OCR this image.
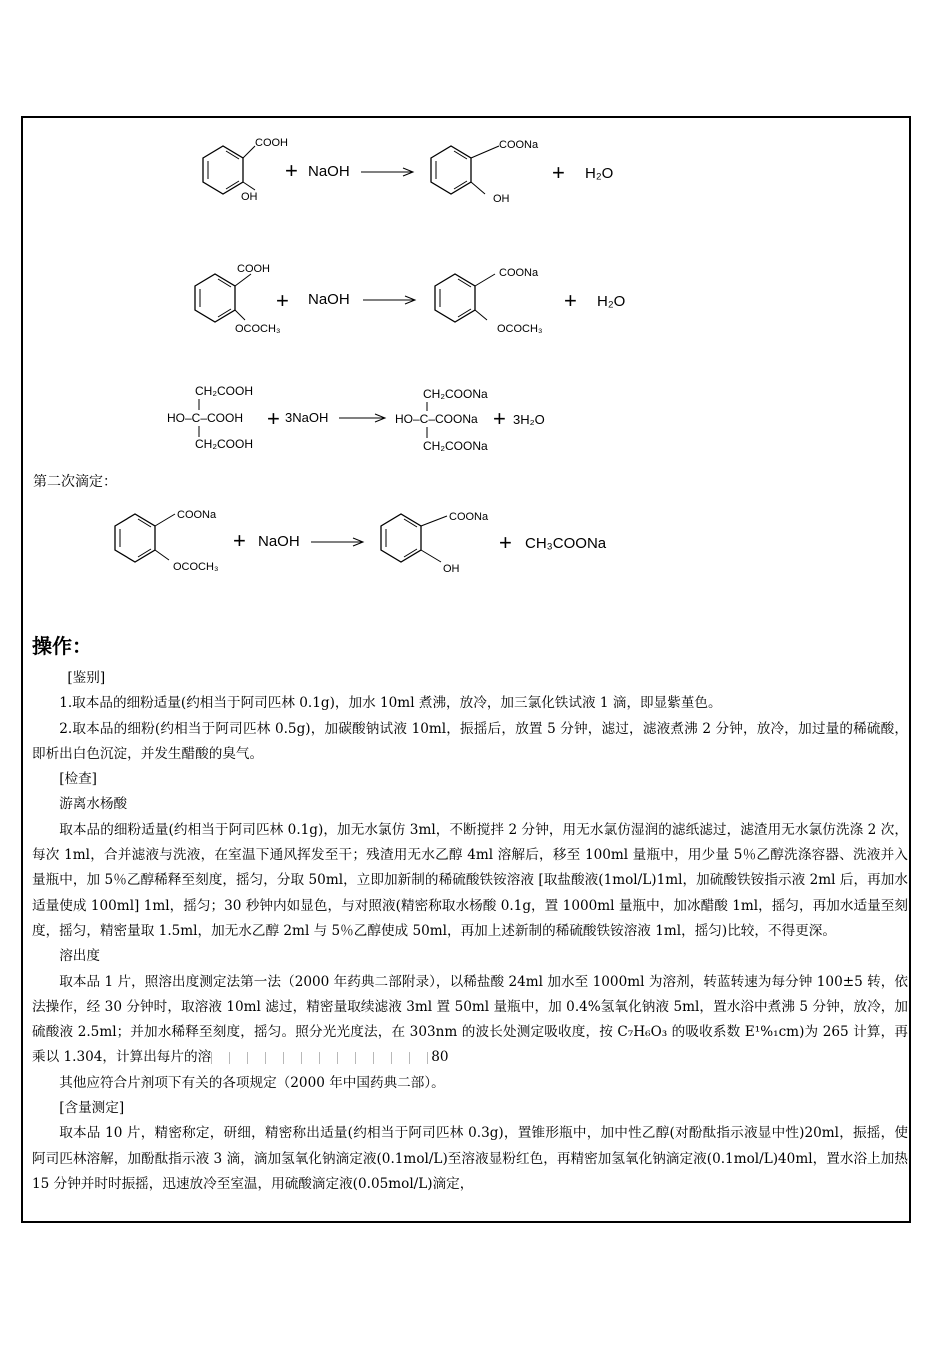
COOH
OH
+ NaOH
COONa
OH
+ H₂O
COOH
OCOCH₃
+ NaOH
COONa
OCOCH₃
+ H₂O
CH₂COOH
HO–C–COOH
CH₂COOH
+ 3NaOH
CH₂COONa
HO–C–COONa
CH₂COONa
+ 3H₂O
第二次滴定：
COONa
OCOCH₃
+ NaOH
COONa
OH
+ CH₃COONa
操作：

[鉴别]

1.取本品的细粉适量(约相当于阿司匹林 0.1g)，加水 10ml 煮沸，放冷，加三氯化铁试液 1 滴，即显紫堇色。

2.取本品的细粉(约相当于阿司匹林 0.5g)，加碳酸钠试液 10ml，振摇后，放置 5 分钟，滤过，滤液煮沸 2 分钟，放冷，加过量的稀硫酸，即析出白色沉淀，并发生醋酸的臭气。

[检查]

游离水杨酸

取本品的细粉适量(约相当于阿司匹林 0.1g)，加无水氯仿 3ml，不断搅拌 2 分钟，用无水氯仿湿润的滤纸滤过，滤渣用无水氯仿洗涤 2 次，每次 1ml，合并滤液与洗液，在室温下通风挥发至干；残渣用无水乙醇 4ml 溶解后，移至 100ml 量瓶中，用少量 5％乙醇洗涤容器、洗液并入量瓶中，加 5％乙醇稀释至刻度，摇匀，分取 50ml，立即加新制的稀硫酸铁铵溶液 [取盐酸液(1mol/L)1ml，加硫酸铁铵指示液 2ml 后，再加水适量使成 100ml] 1ml，摇匀；30 秒钟内如显色，与对照液(精密称取水杨酸 0.1g，置 1000ml 量瓶中，加冰醋酸 1ml，摇匀，再加水适量至刻度，摇匀，精密量取 1.5ml，加无水乙醇 2ml 与 5％乙醇使成 50ml，再加上述新制的稀硫酸铁铵溶液 1ml，摇匀)比较，不得更深。

溶出度

取本品 1 片，照溶出度测定法第一法（2000 年药典二部附录），以稀盐酸 24ml 加水至 1000ml 为溶剂，转蓝转速为每分钟 100±5 转，依法操作，经 30 分钟时，取溶液 10ml 滤过，精密量取续滤液 3ml 置 50ml 量瓶中，加 0.4%氢氧化钠液 5ml，置水浴中煮沸 5 分钟，放冷，加硫酸液 2.5ml；并加水稀释至刻度，摇匀。照分光光度法，在 303nm 的波长处测定吸收度，按 C₇H₆O₃ 的吸收系数 E¹%₁cm)为 265 计算，再乘以 1.304，计算出每片的溶	80

其他应符合片剂项下有关的各项规定（2000 年中国药典二部）。

[含量测定]

取本品 10 片，精密称定，研细，精密称出适量(约相当于阿司匹林 0.3g)，置锥形瓶中，加中性乙醇(对酚酞指示液显中性)20ml，振摇，使阿司匹林溶解，加酚酞指示液 3 滴，滴加氢氧化钠滴定液(0.1mol/L)至溶液显粉红色，再精密加氢氧化钠滴定液(0.1mol/L)40ml，置水浴上加热 15 分钟并时时振摇，迅速放冷至室温，用硫酸滴定液(0.05mol/L)滴定，
